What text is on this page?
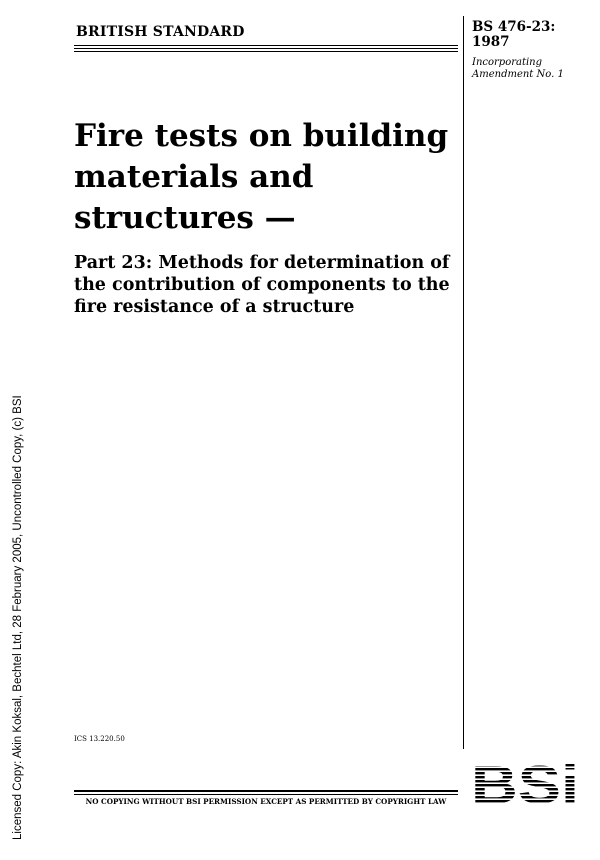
BRITISH STANDARD	BS 476-23:
1987
Incorporating
Amendment No. 1
Fire tests on building
materials and
structures —
Part 23: Methods for determination of
the contribution of components to the
fire resistance of a structure
Licensed Copy: Akin Koksal, Bechtel Ltd, 28 February 2005, Uncontrolled Copy, (c) BSI	ICS 13.220.50
NO COPYING WITHOUT BSI PERMISSION EXCEPT AS PERMITTED BY COPYRIGHT LAW BSi
